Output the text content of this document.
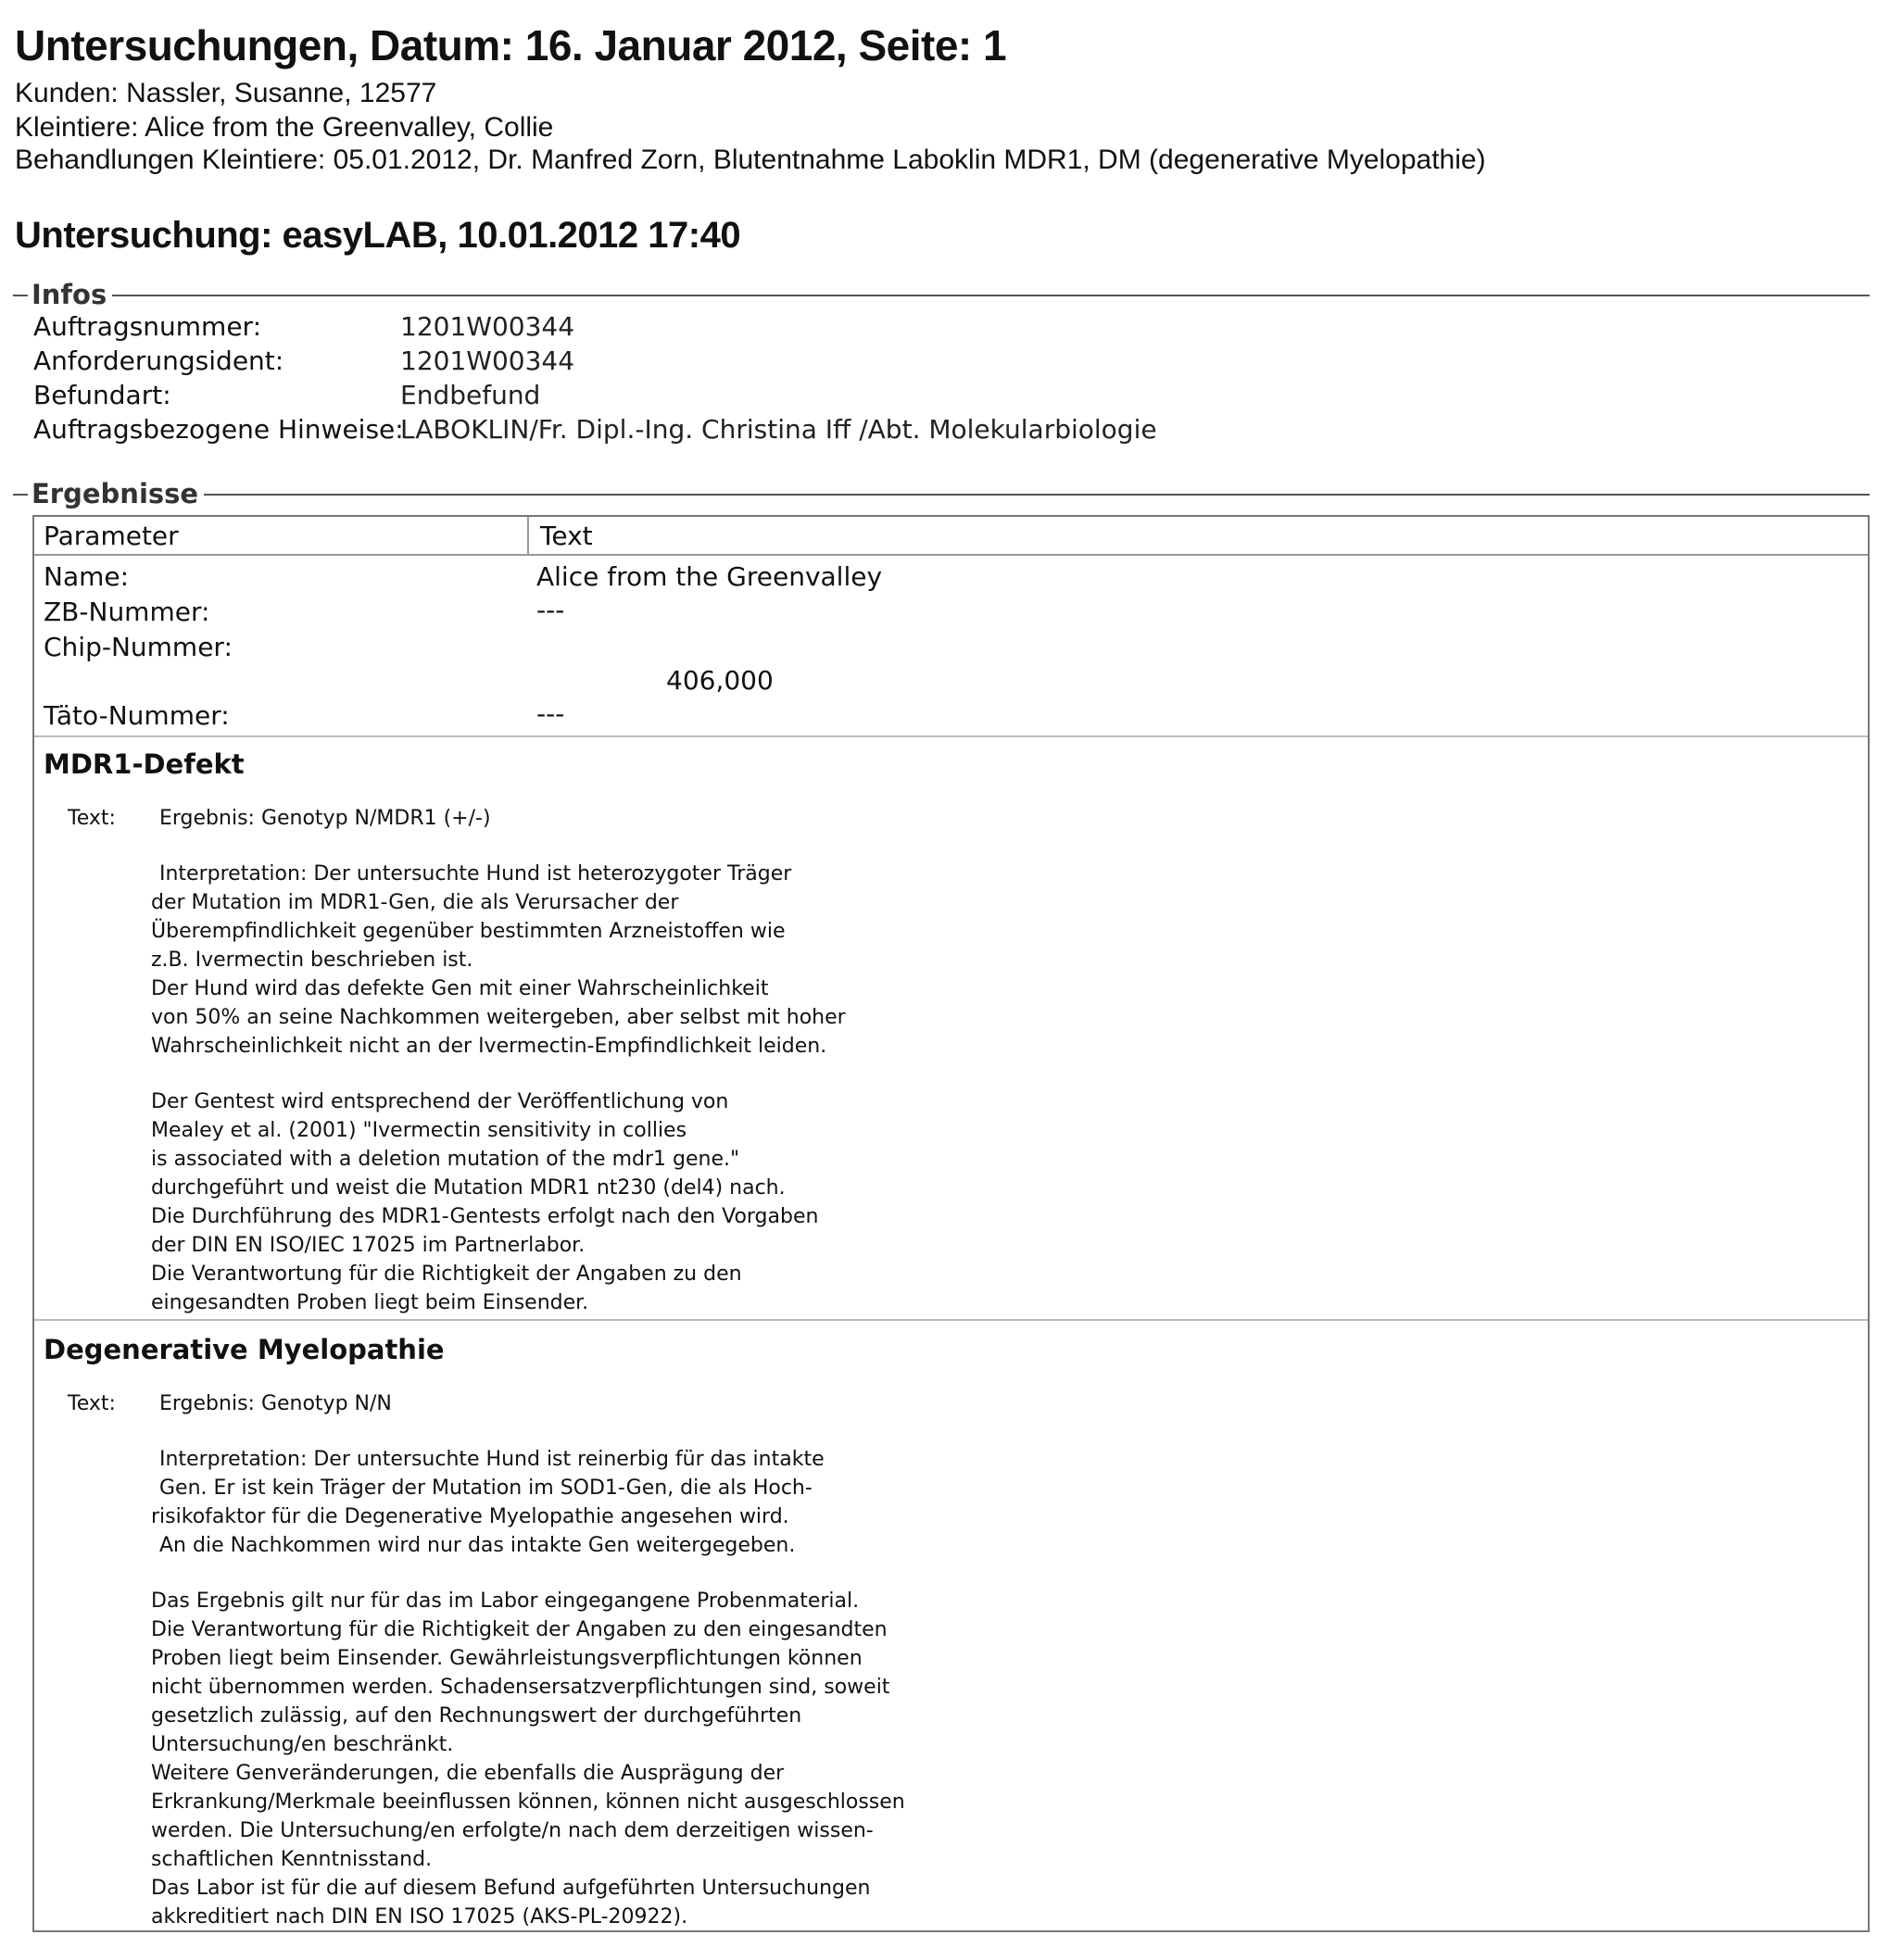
Untersuchungen, Datum: 16. Januar 2012, Seite: 1
Kunden: Nassler, Susanne, 12577
Kleintiere: Alice from the Greenvalley, Collie
Behandlungen Kleintiere: 05.01.2012, Dr. Manfred Zorn, Blutentnahme Laboklin MDR1, DM (degenerative Myelopathie)
Untersuchung: easyLAB, 10.01.2012 17:40
Infos
Auftragsnummer:	1201W00344
Anforderungsident:	1201W00344
Befundart:	Endbefund
Auftragsbezogene Hinweise:LABOKLIN/Fr. Dipl.-Ing. Christina Iff /Abt. Molekularbiologie
Ergebnisse
Parameter	Text
Name:	Alice from the Greenvalley
ZB-Nummer:	---
Chip-Nummer:
406,000
Täto-Nummer:	---
MDR1-Defekt
Text: Ergebnis: Genotyp N/MDR1 (+/-)
Interpretation: Der untersuchte Hund ist heterozygoter Träger
der Mutation im MDR1-Gen, die als Verursacher der
Überempfindlichkeit gegenüber bestimmten Arzneistoffen wie
z.B. Ivermectin beschrieben ist.
Der Hund wird das defekte Gen mit einer Wahrscheinlichkeit
von 50% an seine Nachkommen weitergeben, aber selbst mit hoher
Wahrscheinlichkeit nicht an der Ivermectin-Empfindlichkeit leiden.
Der Gentest wird entsprechend der Veröffentlichung von
Mealey et al. (2001) "Ivermectin sensitivity in collies
is associated with a deletion mutation of the mdr1 gene."
durchgeführt und weist die Mutation MDR1 nt230 (del4) nach.
Die Durchführung des MDR1-Gentests erfolgt nach den Vorgaben
der DIN EN ISO/IEC 17025 im Partnerlabor.
Die Verantwortung für die Richtigkeit der Angaben zu den
eingesandten Proben liegt beim Einsender.
Degenerative Myelopathie
Text: Ergebnis: Genotyp N/N
Interpretation: Der untersuchte Hund ist reinerbig für das intakte
Gen. Er ist kein Träger der Mutation im SOD1-Gen, die als Hoch-
risikofaktor für die Degenerative Myelopathie angesehen wird.
An die Nachkommen wird nur das intakte Gen weitergegeben.
Das Ergebnis gilt nur für das im Labor eingegangene Probenmaterial.
Die Verantwortung für die Richtigkeit der Angaben zu den eingesandten
Proben liegt beim Einsender. Gewährleistungsverpflichtungen können
nicht übernommen werden. Schadensersatzverpflichtungen sind, soweit
gesetzlich zulässig, auf den Rechnungswert der durchgeführten
Untersuchung/en beschränkt.
Weitere Genveränderungen, die ebenfalls die Ausprägung der
Erkrankung/Merkmale beeinflussen können, können nicht ausgeschlossen
werden. Die Untersuchung/en erfolgte/n nach dem derzeitigen wissen-
schaftlichen Kenntnisstand.
Das Labor ist für die auf diesem Befund aufgeführten Untersuchungen
akkreditiert nach DIN EN ISO 17025 (AKS-PL-20922).
